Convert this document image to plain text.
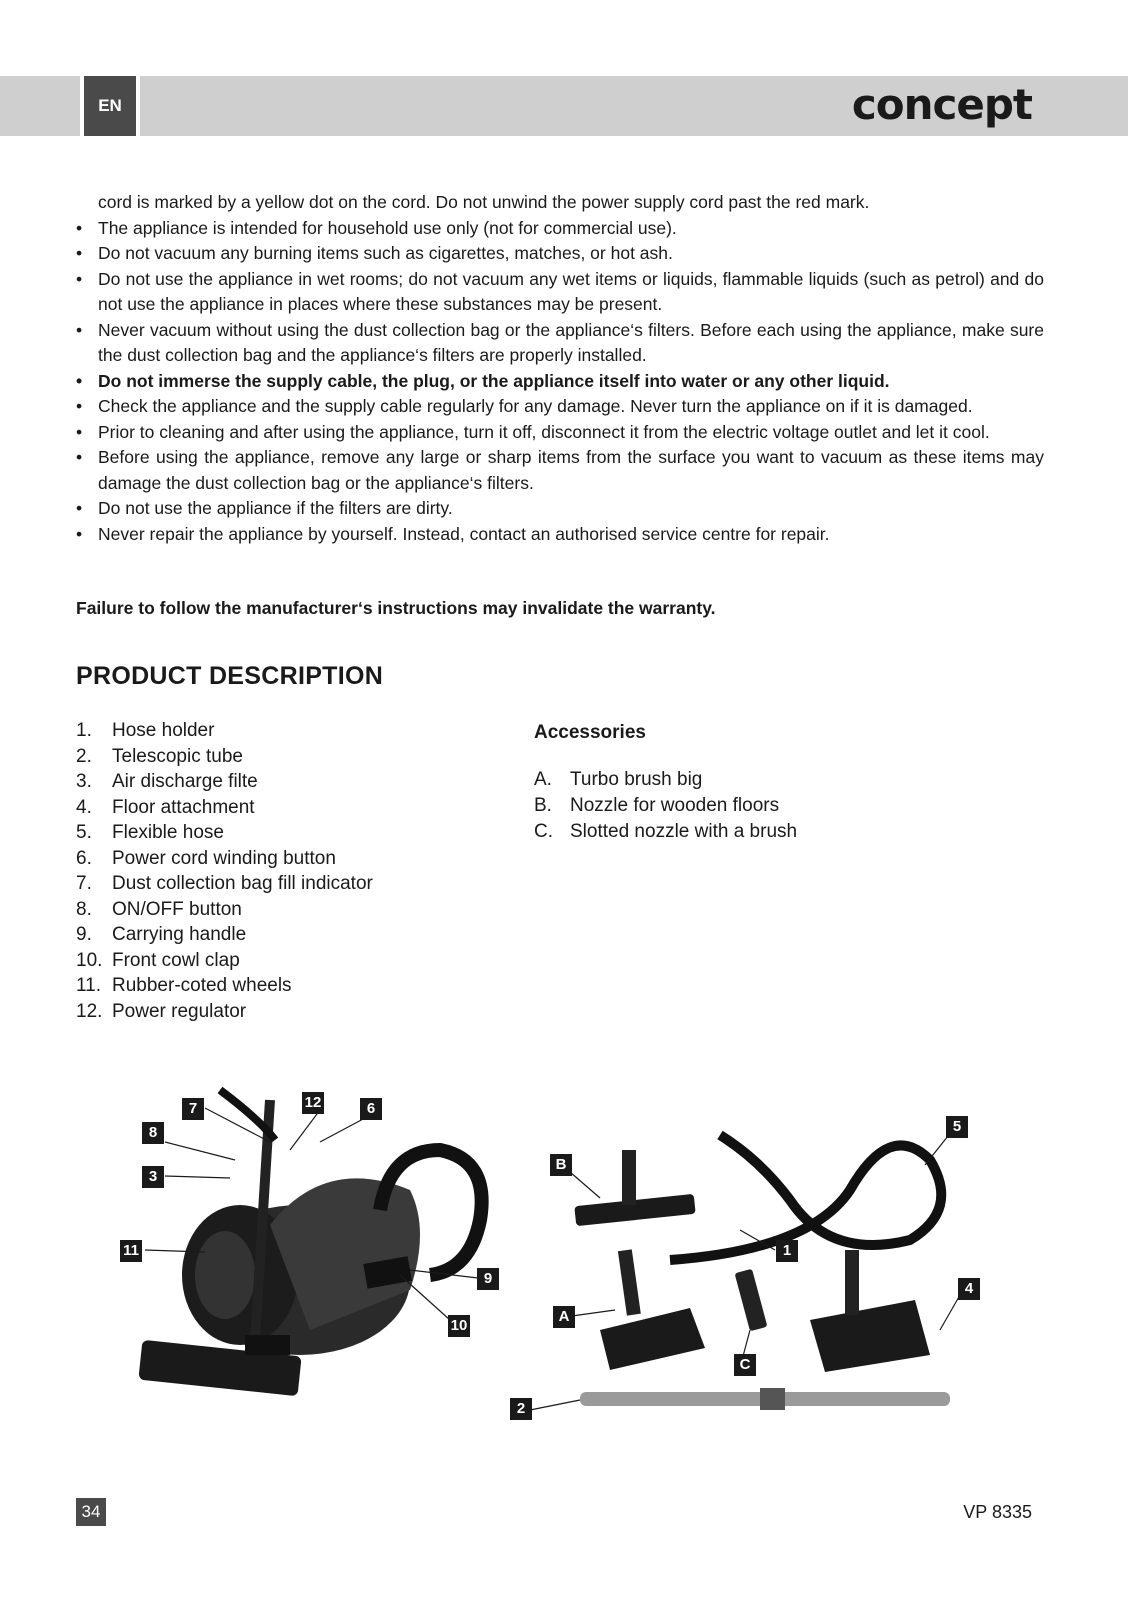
EN	concept
cord is marked by a yellow dot on the cord. Do not unwind the power supply cord past the red mark.
• The appliance is intended for household use only (not for commercial use).
• Do not vacuum any burning items such as cigarettes, matches, or hot ash.
• Do not use the appliance in wet rooms; do not vacuum any wet items or liquids, flammable liquids (such as petrol) and do not use the appliance in places where these substances may be present.
• Never vacuum without using the dust collection bag or the appliance‘s filters. Before each using the appliance, make sure the dust collection bag and the appliance‘s filters are properly installed.
• Do not immerse the supply cable, the plug, or the appliance itself into water or any other liquid.
• Check the appliance and the supply cable regularly for any damage. Never turn the appliance on if it is damaged.
• Prior to cleaning and after using the appliance, turn it off, disconnect it from the electric voltage outlet and let it cool.
• Before using the appliance, remove any large or sharp items from the surface you want to vacuum as these items may damage the dust collection bag or the appliance‘s filters.
• Do not use the appliance if the filters are dirty.
• Never repair the appliance by yourself. Instead, contact an authorised service centre for repair.
Failure to follow the manufacturer‘s instructions may invalidate the warranty.
PRODUCT DESCRIPTION
1.	Hose holder
2.	Telescopic tube
3.	Air discharge filte
4.	Floor attachment
5.	Flexible hose
6.	Power cord winding button
7.	Dust collection bag fill indicator
8.	ON/OFF button
9.	Carrying handle
10. Front cowl clap
11. Rubber-coted wheels
12. Power regulator
Accessories
A. Turbo brush big
B. Nozzle for wooden floors
C. Slotted nozzle with a brush
7	12	6
8
3
11
9
10
B
5
1
A
4
C
2
34	VP 8335
